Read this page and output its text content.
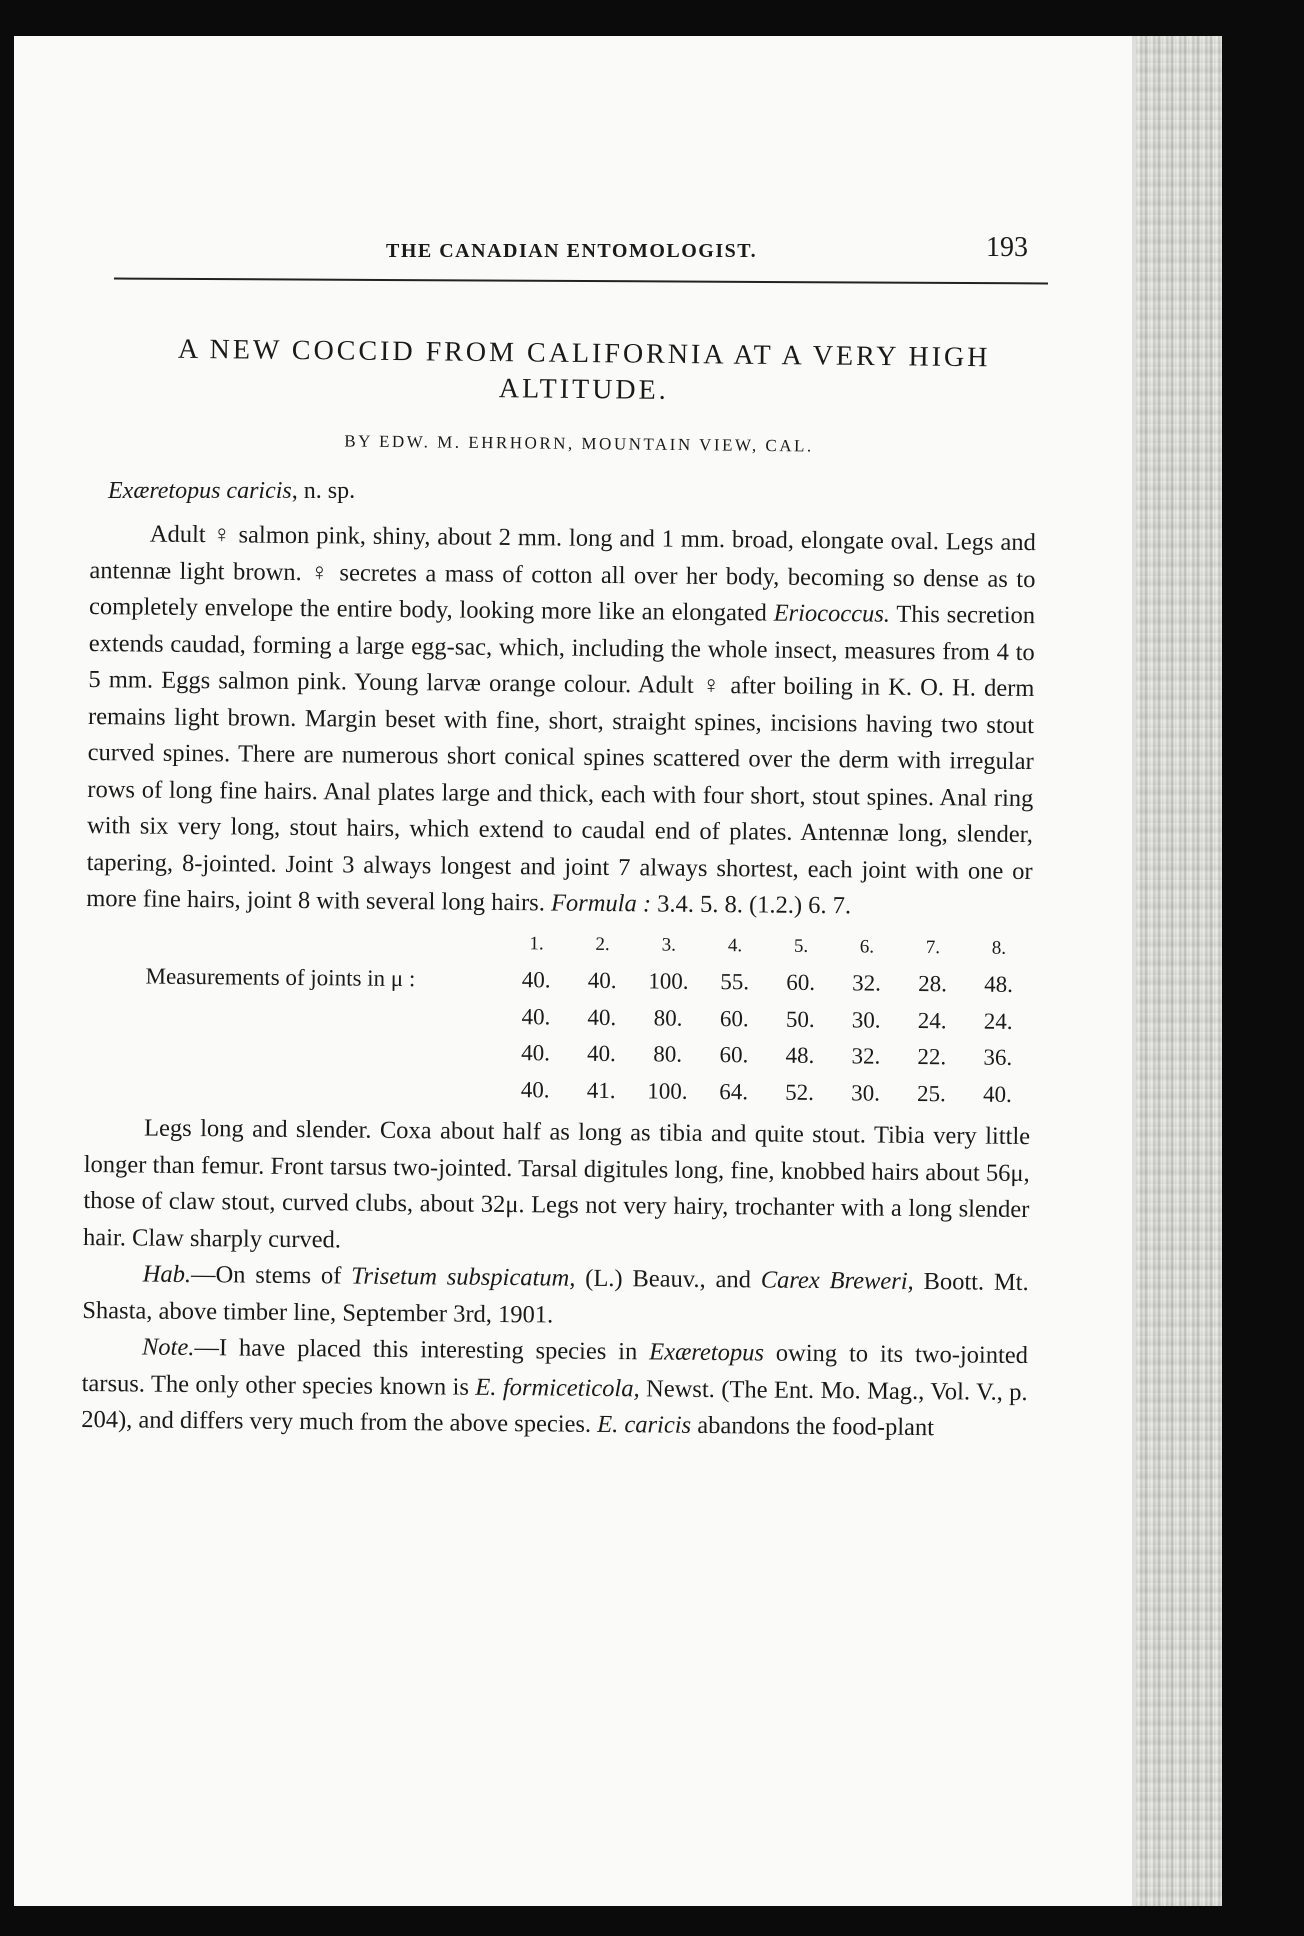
THE CANADIAN ENTOMOLOGIST.	193
A NEW COCCID FROM CALIFORNIA AT A VERY HIGH ALTITUDE.
BY EDW. M. EHRHORN, MOUNTAIN VIEW, CAL.
Exæretopus caricis, n. sp.

Adult ♀ salmon pink, shiny, about 2 mm. long and 1 mm. broad, elongate oval. Legs and antennæ light brown. ♀ secretes a mass of cotton all over her body, becoming so dense as to completely envelope the entire body, looking more like an elongated Eriococcus. This secretion extends caudad, forming a large egg-sac, which, including the whole insect, measures from 4 to 5 mm. Eggs salmon pink. Young larvæ orange colour. Adult ♀ after boiling in K. O. H. derm remains light brown. Margin beset with fine, short, straight spines, incisions having two stout curved spines. There are numerous short conical spines scattered over the derm with irregular rows of long fine hairs. Anal plates large and thick, each with four short, stout spines. Anal ring with six very long, stout hairs, which extend to caudal end of plates. Antennæ long, slender, tapering, 8-jointed. Joint 3 always longest and joint 7 always shortest, each joint with one or more fine hairs, joint 8 with several long hairs. Formula : 3.4. 5. 8. (1.2.) 6. 7.

	1.	2.	3.	4.	5.	6.	7.	8.
Measurements of joints in μ :	40.	40.	100.	55.	60.	32.	28.	48.
	40.	40.	80.	60.	50.	30.	24.	24.
	40.	40.	80.	60.	48.	32.	22.	36.
	40.	41.	100.	64.	52.	30.	25.	40.

Legs long and slender. Coxa about half as long as tibia and quite stout. Tibia very little longer than femur. Front tarsus two-jointed. Tarsal digitules long, fine, knobbed hairs about 56μ, those of claw stout, curved clubs, about 32μ. Legs not very hairy, trochanter with a long slender hair. Claw sharply curved.

Hab.—On stems of Trisetum subspicatum, (L.) Beauv., and Carex Breweri, Boott. Mt. Shasta, above timber line, September 3rd, 1901.

Note.—I have placed this interesting species in Exæretopus owing to its two-jointed tarsus. The only other species known is E. formiceticola, Newst. (The Ent. Mo. Mag., Vol. V., p. 204), and differs very much from the above species. E. caricis abandons the food-plant
